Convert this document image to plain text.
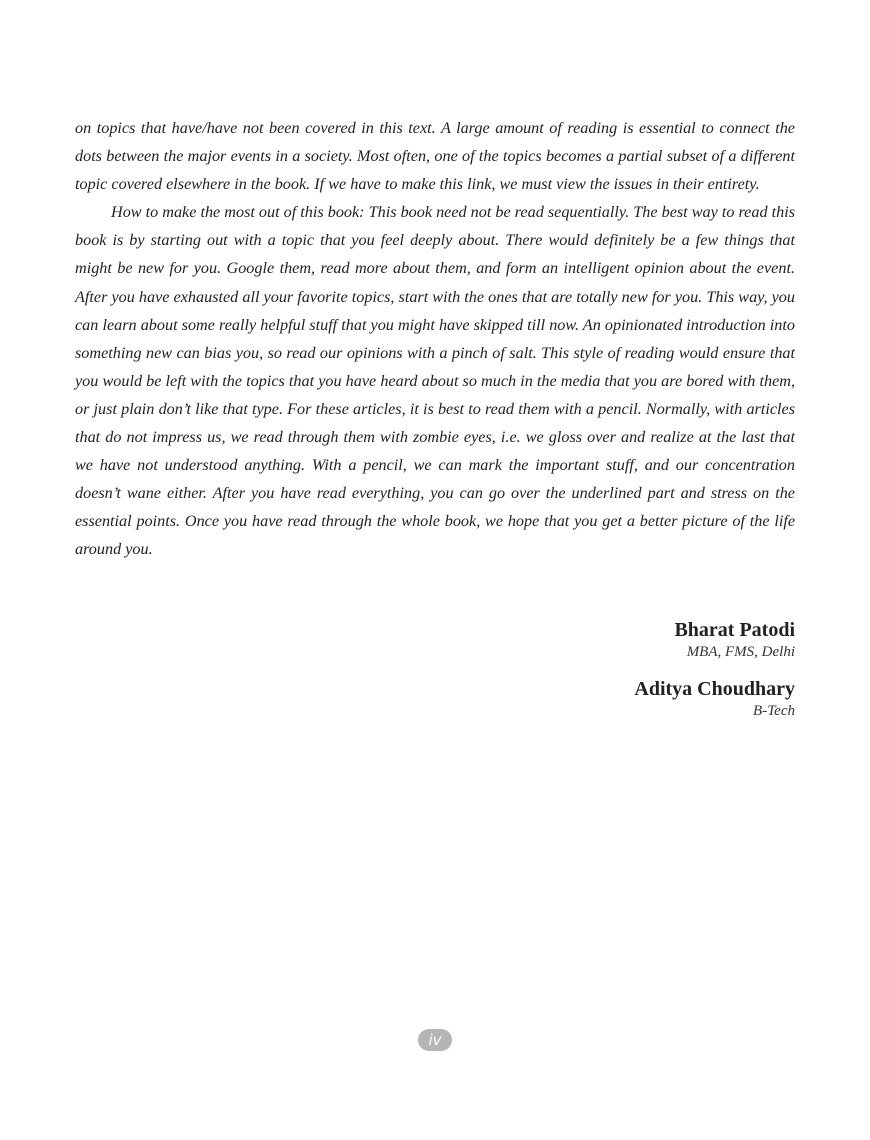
on topics that have/have not been covered in this text. A large amount of reading is essential to connect the dots between the major events in a society. Most often, one of the topics becomes a partial subset of a different topic covered elsewhere in the book. If we have to make this link, we must view the issues in their entirety.

How to make the most out of this book: This book need not be read sequentially. The best way to read this book is by starting out with a topic that you feel deeply about. There would definitely be a few things that might be new for you. Google them, read more about them, and form an intelligent opinion about the event. After you have exhausted all your favorite topics, start with the ones that are totally new for you. This way, you can learn about some really helpful stuff that you might have skipped till now. An opinionated introduction into something new can bias you, so read our opinions with a pinch of salt. This style of reading would ensure that you would be left with the topics that you have heard about so much in the media that you are bored with them, or just plain don’t like that type. For these articles, it is best to read them with a pencil. Normally, with articles that do not impress us, we read through them with zombie eyes, i.e. we gloss over and realize at the last that we have not understood anything. With a pencil, we can mark the important stuff, and our concentration doesn’t wane either. After you have read everything, you can go over the underlined part and stress on the essential points. Once you have read through the whole book, we hope that you get a better picture of the life around you.

Bharat Patodi
MBA, FMS, Delhi
Aditya Choudhary
B-Tech
iv
